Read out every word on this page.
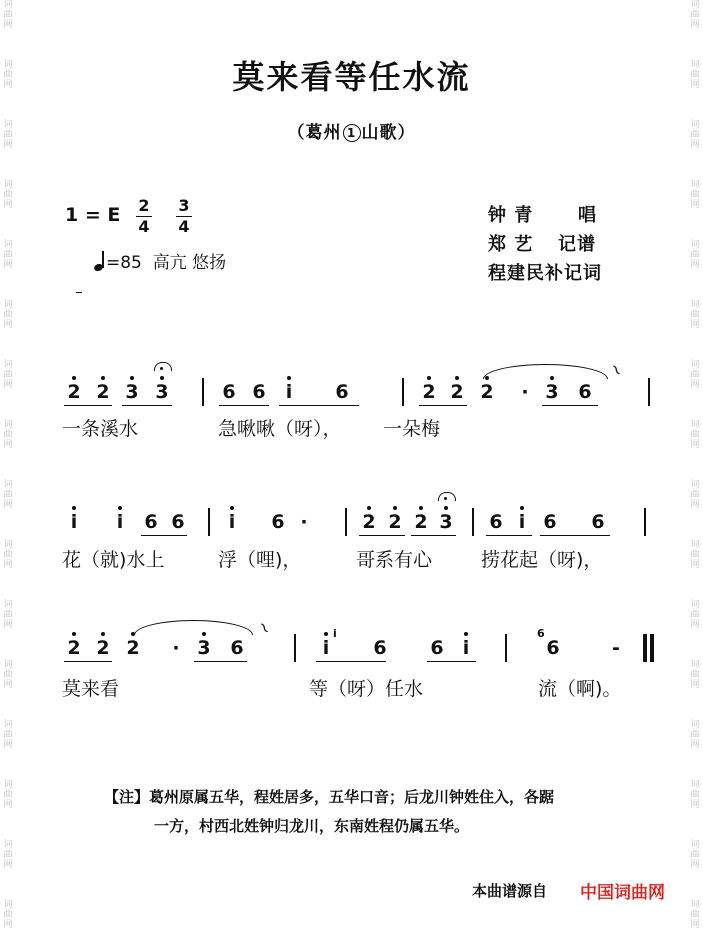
词
曲
网
词
曲
网
词
曲
网
词
曲
网
词
曲
网
词
曲
网
词
曲
网
词
曲
网
词
曲
网
词
曲
网
词
曲
网
词
曲
网
词
曲
网
词
曲
网
词
曲
网
词
曲
网
词
曲
网
词
曲
网
词
曲
网
词
曲
网
词
曲
网
词
曲
网
词
曲
网
词
曲
网
词
曲
网
词
曲
网
词
曲
网
词
曲
网
词
曲
网
词
曲
网
词
曲
网
词
曲
网
莫来看等任水流
（葛州 1 山歌）
1 = E 2
4
3
4
=85 高亢 悠扬
钟 青 唱
郑 艺 记谱
程建民补记词
2 2 3 3	6 6 i 6	2 2 2 · 3 6
~
一条溪水	急啾啾（呀）， 一朵梅
i i 6 6 i 6 ·	2 2 2 3 6 i 6 6
花（就)水上	浮（哩)，	哥系有心	捞花起（呀)，
2 2 2 · 3 6	i 6 6 i	6	-
~	i	6
莫来看	等（呀）任水	流（啊)。
【注】葛州原属五华，程姓居多，五华口音；后龙川钟姓住入，各踞
一方，村西北姓钟归龙川，东南姓程仍属五华。
本曲谱源自 中国词曲网
